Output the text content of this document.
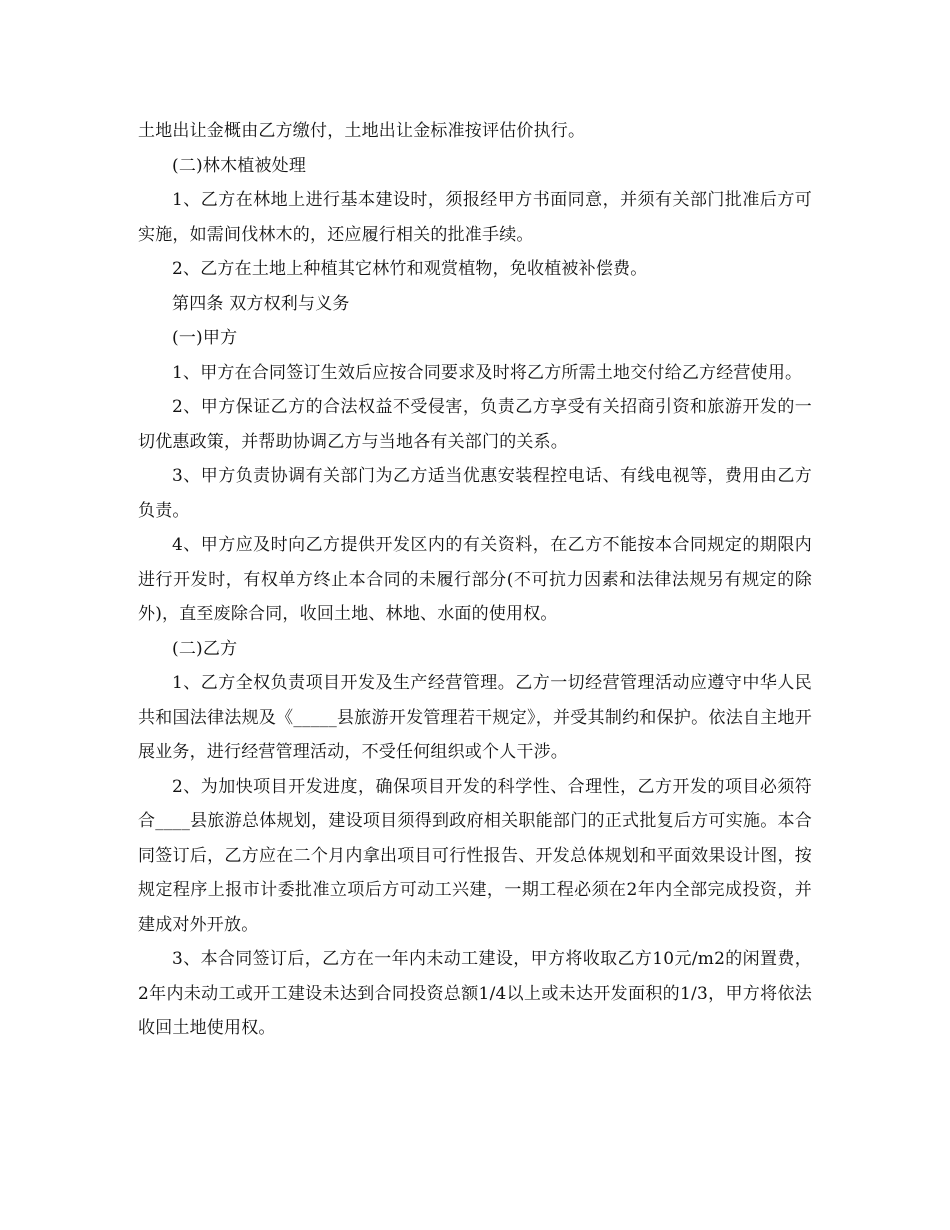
土地出让金概由乙方缴付，土地出让金标准按评估价执行。

(二)林木植被处理

1、乙方在林地上进行基本建设时，须报经甲方书面同意，并须有关部门批准后方可实施，如需间伐林木的，还应履行相关的批准手续。

2、乙方在土地上种植其它林竹和观赏植物，免收植被补偿费。

第四条 双方权利与义务

(一)甲方

1、甲方在合同签订生效后应按合同要求及时将乙方所需土地交付给乙方经营使用。

2、甲方保证乙方的合法权益不受侵害，负责乙方享受有关招商引资和旅游开发的一切优惠政策，并帮助协调乙方与当地各有关部门的关系。

3、甲方负责协调有关部门为乙方适当优惠安装程控电话、有线电视等，费用由乙方负责。

4、甲方应及时向乙方提供开发区内的有关资料，在乙方不能按本合同规定的期限内进行开发时，有权单方终止本合同的未履行部分(不可抗力因素和法律法规另有规定的除外)，直至废除合同，收回土地、林地、水面的使用权。

(二)乙方

1、乙方全权负责项目开发及生产经营管理。乙方一切经营管理活动应遵守中华人民共和国法律法规及《_____县旅游开发管理若干规定》，并受其制约和保护。依法自主地开展业务，进行经营管理活动，不受任何组织或个人干涉。

2、为加快项目开发进度，确保项目开发的科学性、合理性，乙方开发的项目必须符合____县旅游总体规划，建设项目须得到政府相关职能部门的正式批复后方可实施。本合同签订后，乙方应在二个月内拿出项目可行性报告、开发总体规划和平面效果设计图，按规定程序上报市计委批准立项后方可动工兴建，一期工程必须在2年内全部完成投资，并建成对外开放。

3、本合同签订后，乙方在一年内未动工建设，甲方将收取乙方10元/m2的闲置费，2年内未动工或开工建设未达到合同投资总额1/4以上或未达开发面积的1/3，甲方将依法收回土地使用权。
